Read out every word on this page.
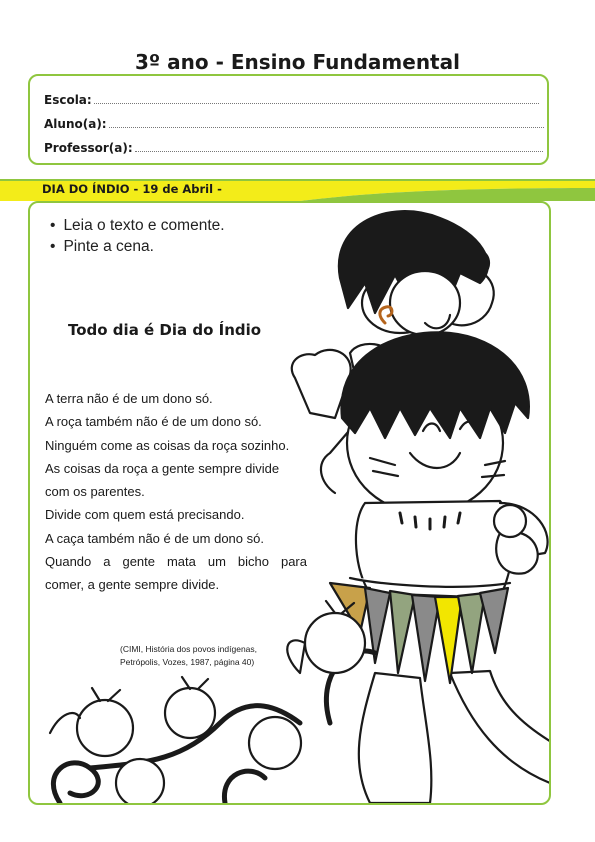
3º ano - Ensino Fundamental
Escola:
Aluno(a):
Professor(a):
DIA DO ÍNDIO - 19 de Abril -
• Leia o texto e comente.
• Pinte a cena.
Todo dia é Dia do Índio
A terra não é de um dono só.
A roça também não é de um dono só.
Ninguém come as coisas da roça sozinho.
As coisas da roça a gente sempre divide
com os parentes.
Divide com quem está precisando.
A caça também não é de um dono só.
Quando a gente mata um bicho para
comer, a gente sempre divide.
(CIMI, História dos povos indígenas,
Petrópolis, Vozes, 1987, página 40)
